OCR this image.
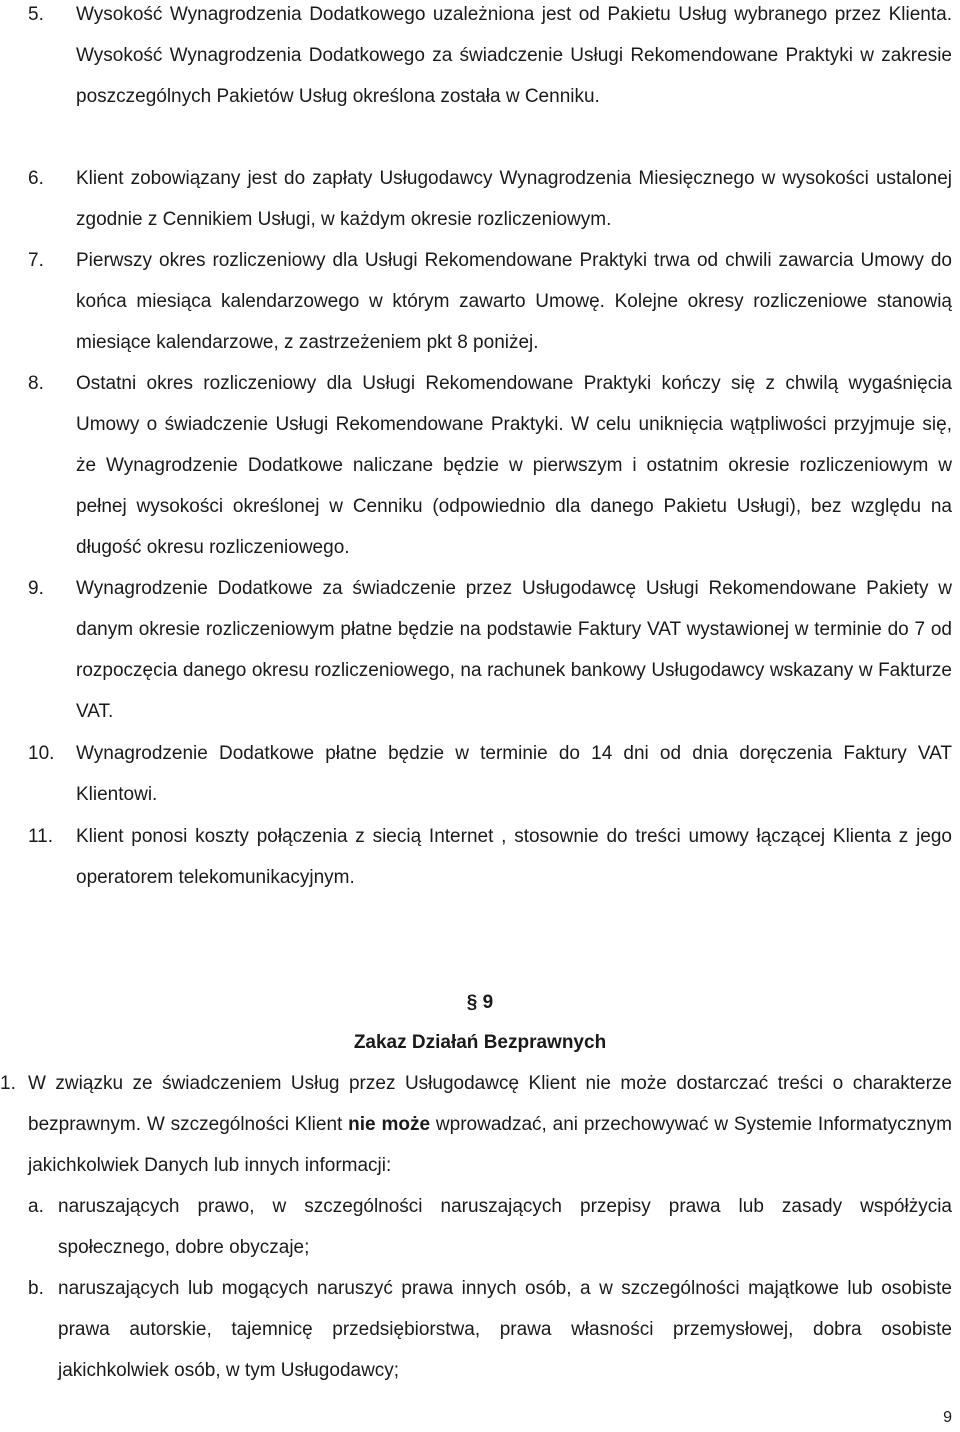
5.	Wysokość Wynagrodzenia Dodatkowego uzależniona jest od Pakietu Usług wybranego przez Klienta. Wysokość Wynagrodzenia Dodatkowego za świadczenie Usługi Rekomendowane Praktyki w zakresie poszczególnych Pakietów Usług określona została w Cenniku.
6.	Klient zobowiązany jest do zapłaty Usługodawcy Wynagrodzenia Miesięcznego w wysokości ustalonej zgodnie z Cennikiem Usługi, w każdym okresie rozliczeniowym.
7.	Pierwszy okres rozliczeniowy dla Usługi Rekomendowane Praktyki trwa od chwili zawarcia Umowy do końca miesiąca kalendarzowego w którym zawarto Umowę. Kolejne okresy rozliczeniowe stanowią miesiące kalendarzowe, z zastrzeżeniem pkt 8 poniżej.
8.	Ostatni okres rozliczeniowy dla Usługi Rekomendowane Praktyki kończy się z chwilą wygaśnięcia Umowy o świadczenie Usługi Rekomendowane Praktyki. W celu uniknięcia wątpliwości przyjmuje się, że Wynagrodzenie Dodatkowe naliczane będzie w pierwszym i ostatnim okresie rozliczeniowym w pełnej wysokości określonej w Cenniku (odpowiednio dla danego Pakietu Usługi), bez względu na długość okresu rozliczeniowego.
9.	Wynagrodzenie Dodatkowe za świadczenie przez Usługodawcę Usługi Rekomendowane Pakiety w danym okresie rozliczeniowym płatne będzie na podstawie Faktury VAT wystawionej w terminie do 7 od rozpoczęcia danego okresu rozliczeniowego, na rachunek bankowy Usługodawcy wskazany w Fakturze VAT.
10.	Wynagrodzenie Dodatkowe płatne będzie w terminie do 14 dni od dnia doręczenia Faktury VAT Klientowi.
11.	Klient ponosi koszty połączenia z siecią Internet , stosownie do treści umowy łączącej Klienta z jego operatorem telekomunikacyjnym.
§ 9
Zakaz Działań Bezprawnych
1. W związku ze świadczeniem Usług przez Usługodawcę Klient nie może dostarczać treści o charakterze bezprawnym. W szczególności Klient nie może wprowadzać, ani przechowywać w Systemie Informatycznym jakichkolwiek Danych lub innych informacji:
a. naruszających prawo, w szczególności naruszających przepisy prawa lub zasady współżycia społecznego, dobre obyczaje;
b. naruszających lub mogących naruszyć prawa innych osób, a w szczególności majątkowe lub osobiste prawa autorskie, tajemnicę przedsiębiorstwa, prawa własności przemysłowej, dobra osobiste jakichkolwiek osób, w tym Usługodawcy;
9
